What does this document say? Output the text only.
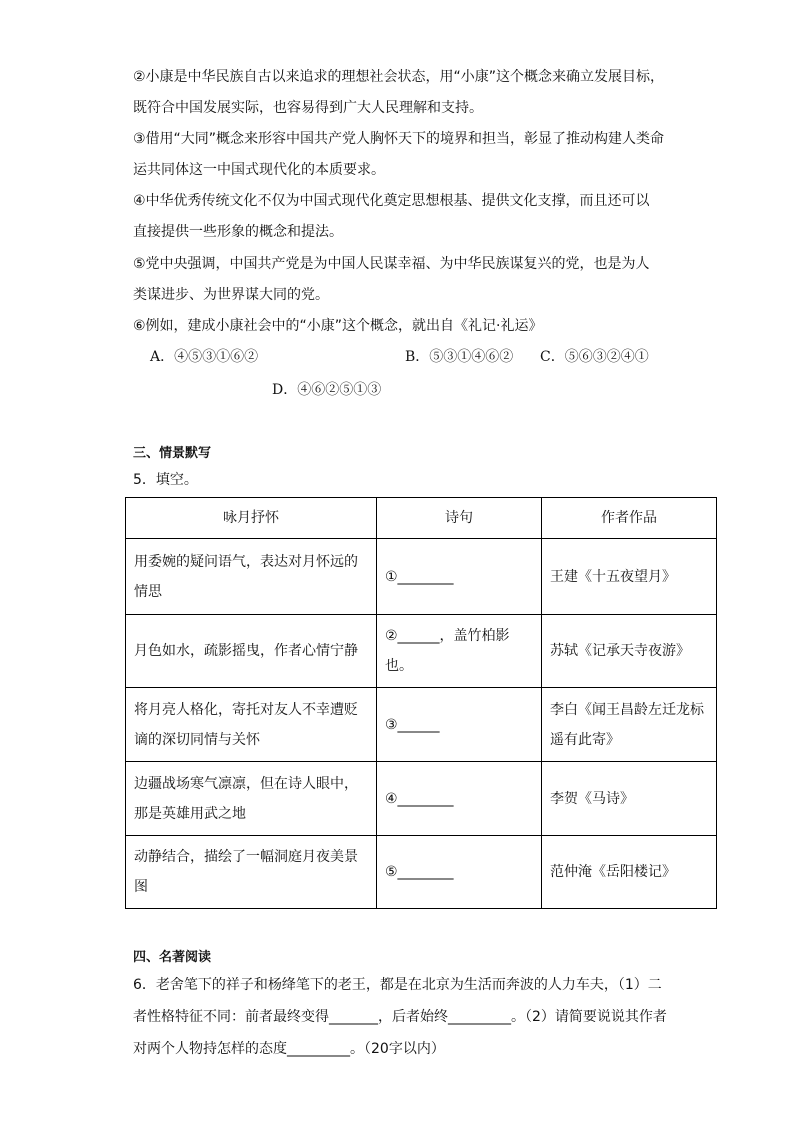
②小康是中华民族自古以来追求的理想社会状态，用“小康”这个概念来确立发展目标，
既符合中国发展实际，也容易得到广大人民理解和支持。
③借用“大同”概念来形容中国共产党人胸怀天下的境界和担当，彰显了推动构建人类命
运共同体这一中国式现代化的本质要求。
④中华优秀传统文化不仅为中国式现代化奠定思想根基、提供文化支撑，而且还可以
直接提供一些形象的概念和提法。
⑤党中央强调，中国共产党是为中国人民谋幸福、为中华民族谋复兴的党，也是为人
类谋进步、为世界谋大同的党。
⑥例如，建成小康社会中的“小康”这个概念，就出自《礼记·礼运》
A．④⑤③①⑥②	B．⑤③①④⑥② C．⑤⑥③②④①
D．④⑥②⑤①③
三、情景默写
5．填空。
咏月抒怀	诗句	作者作品
用委婉的疑问语气，表达对月怀远的情思	①________	王建《十五夜望月》
月色如水，疏影摇曳，作者心情宁静	②______，盖竹柏影也。	苏轼《记承天寺夜游》
将月亮人格化，寄托对友人不幸遭贬谪的深切同情与关怀	③______	李白《闻王昌龄左迁龙标遥有此寄》
边疆战场寒气凛凛，但在诗人眼中，那是英雄用武之地	④________	李贺《马诗》
动静结合，描绘了一幅洞庭月夜美景图	⑤________	范仲淹《岳阳楼记》
四、名著阅读
6．老舍笔下的祥子和杨绛笔下的老王，都是在北京为生活而奔波的人力车夫，（1）二
者性格特征不同：前者最终变得_______，后者始终_________。（2）请简要说说其作者
对两个人物持怎样的态度_________。（20字以内）
